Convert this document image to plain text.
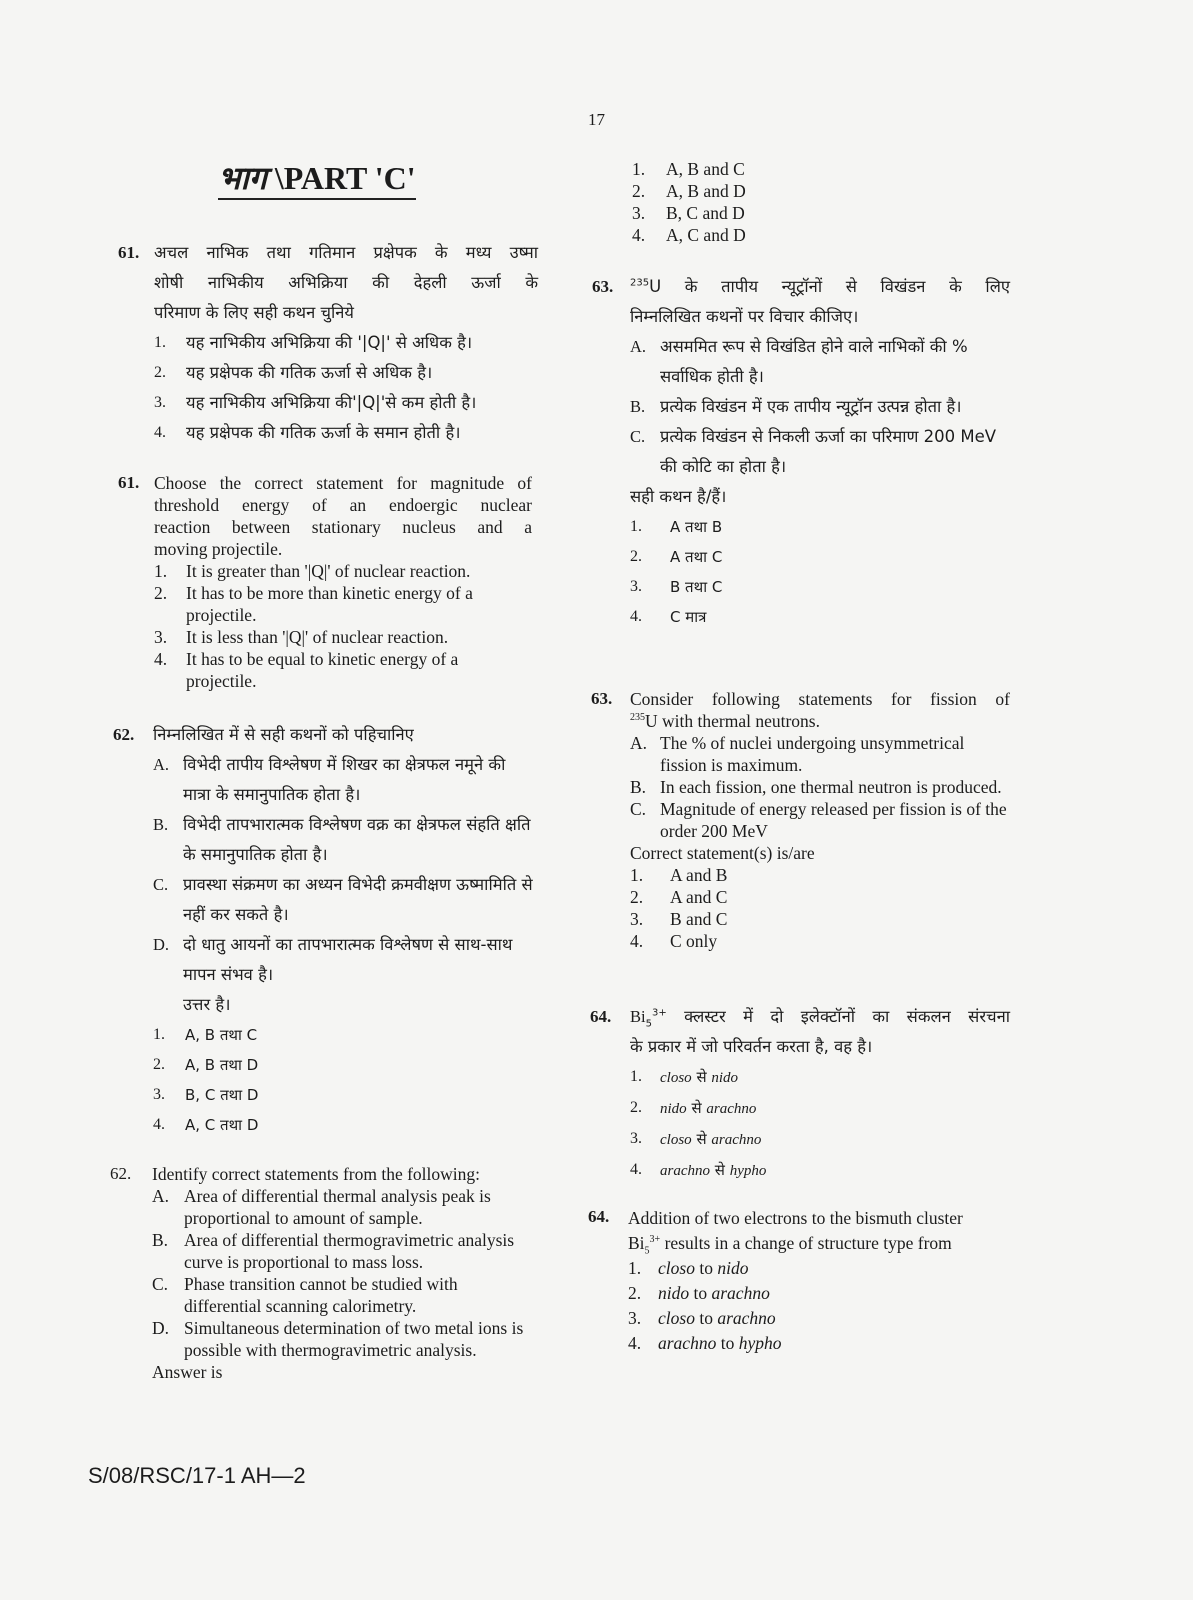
17
भाग \PART 'C'
61. अचल नाभिक तथा गतिमान प्रक्षेपक के मध्य उष्मा
शोषी नाभिकीय अभिक्रिया की देहली ऊर्जा के
परिमाण के लिए सही कथन चुनिये
1. यह नाभिकीय अभिक्रिया की '|Q|' से अधिक है।
2. यह प्रक्षेपक की गतिक ऊर्जा से अधिक है।
3. यह नाभिकीय अभिक्रिया की'|Q|'से कम होती है।
4. यह प्रक्षेपक की गतिक ऊर्जा के समान होती है।
61. Choose the correct statement for magnitude of
threshold energy of an endoergic nuclear
reaction between stationary nucleus and a
moving projectile.
1. It is greater than '|Q|' of nuclear reaction.
2. It has to be more than kinetic energy of a projectile.
3. It is less than '|Q|' of nuclear reaction.
4. It has to be equal to kinetic energy of a projectile.
62. निम्नलिखित में से सही कथनों को पहिचानिए
A. विभेदी तापीय विश्लेषण में शिखर का क्षेत्रफल नमूने की मात्रा के समानुपातिक होता है।
B. विभेदी तापभारात्मक विश्लेषण वक्र का क्षेत्रफल संहति क्षति के समानुपातिक होता है।
C. प्रावस्था संक्रमण का अध्यन विभेदी क्रमवीक्षण ऊष्मामिति से नहीं कर सकते है।
D. दो धातु आयनों का तापभारात्मक विश्लेषण से साथ-साथ मापन संभव है।
उत्तर है।
1. A, B तथा C
2. A, B तथा D
3. B, C तथा D
4. A, C तथा D
62. Identify correct statements from the following:
A. Area of differential thermal analysis peak is proportional to amount of sample.
B. Area of differential thermogravimetric analysis curve is proportional to mass loss.
C. Phase transition cannot be studied with differential scanning calorimetry.
D. Simultaneous determination of two metal ions is possible with thermogravimetric analysis.
Answer is
1. A, B and C
2. A, B and D
3. B, C and D
4. A, C and D
63. $^{235}$U के तापीय न्यूट्रॉनों से विखंडन के लिए
निम्नलिखित कथनों पर विचार कीजिए।
A. असममित रूप से विखंडित होने वाले नाभिकों की % सर्वाधिक होती है।
B. प्रत्येक विखंडन में एक तापीय न्यूट्रॉन उत्पन्न होता है।
C. प्रत्येक विखंडन से निकली ऊर्जा का परिमाण 200 MeV की कोटि का होता है।
सही कथन है/हैं।
1. A तथा B
2. A तथा C
3. B तथा C
4. C मात्र
63. Consider following statements for fission of
$^{235}$U with thermal neutrons.
A. The % of nuclei undergoing unsymmetrical fission is maximum.
B. In each fission, one thermal neutron is produced.
C. Magnitude of energy released per fission is of the order 200 MeV
Correct statement(s) is/are
1. A and B
2. A and C
3. B and C
4. C only
64. $Bi_5^{3+}$ क्लस्टर में दो इलेक्टॉनों का संकलन संरचना
के प्रकार में जो परिवर्तन करता है, वह है।
1. closo से nido
2. nido से arachno
3. closo से arachno
4. arachno से hypho
64. Addition of two electrons to the bismuth cluster
$Bi_5^{3+}$ results in a change of structure type from
1. closo to nido
2. nido to arachno
3. closo to arachno
4. arachno to hypho
S/08/RSC/17-1 AH—2
